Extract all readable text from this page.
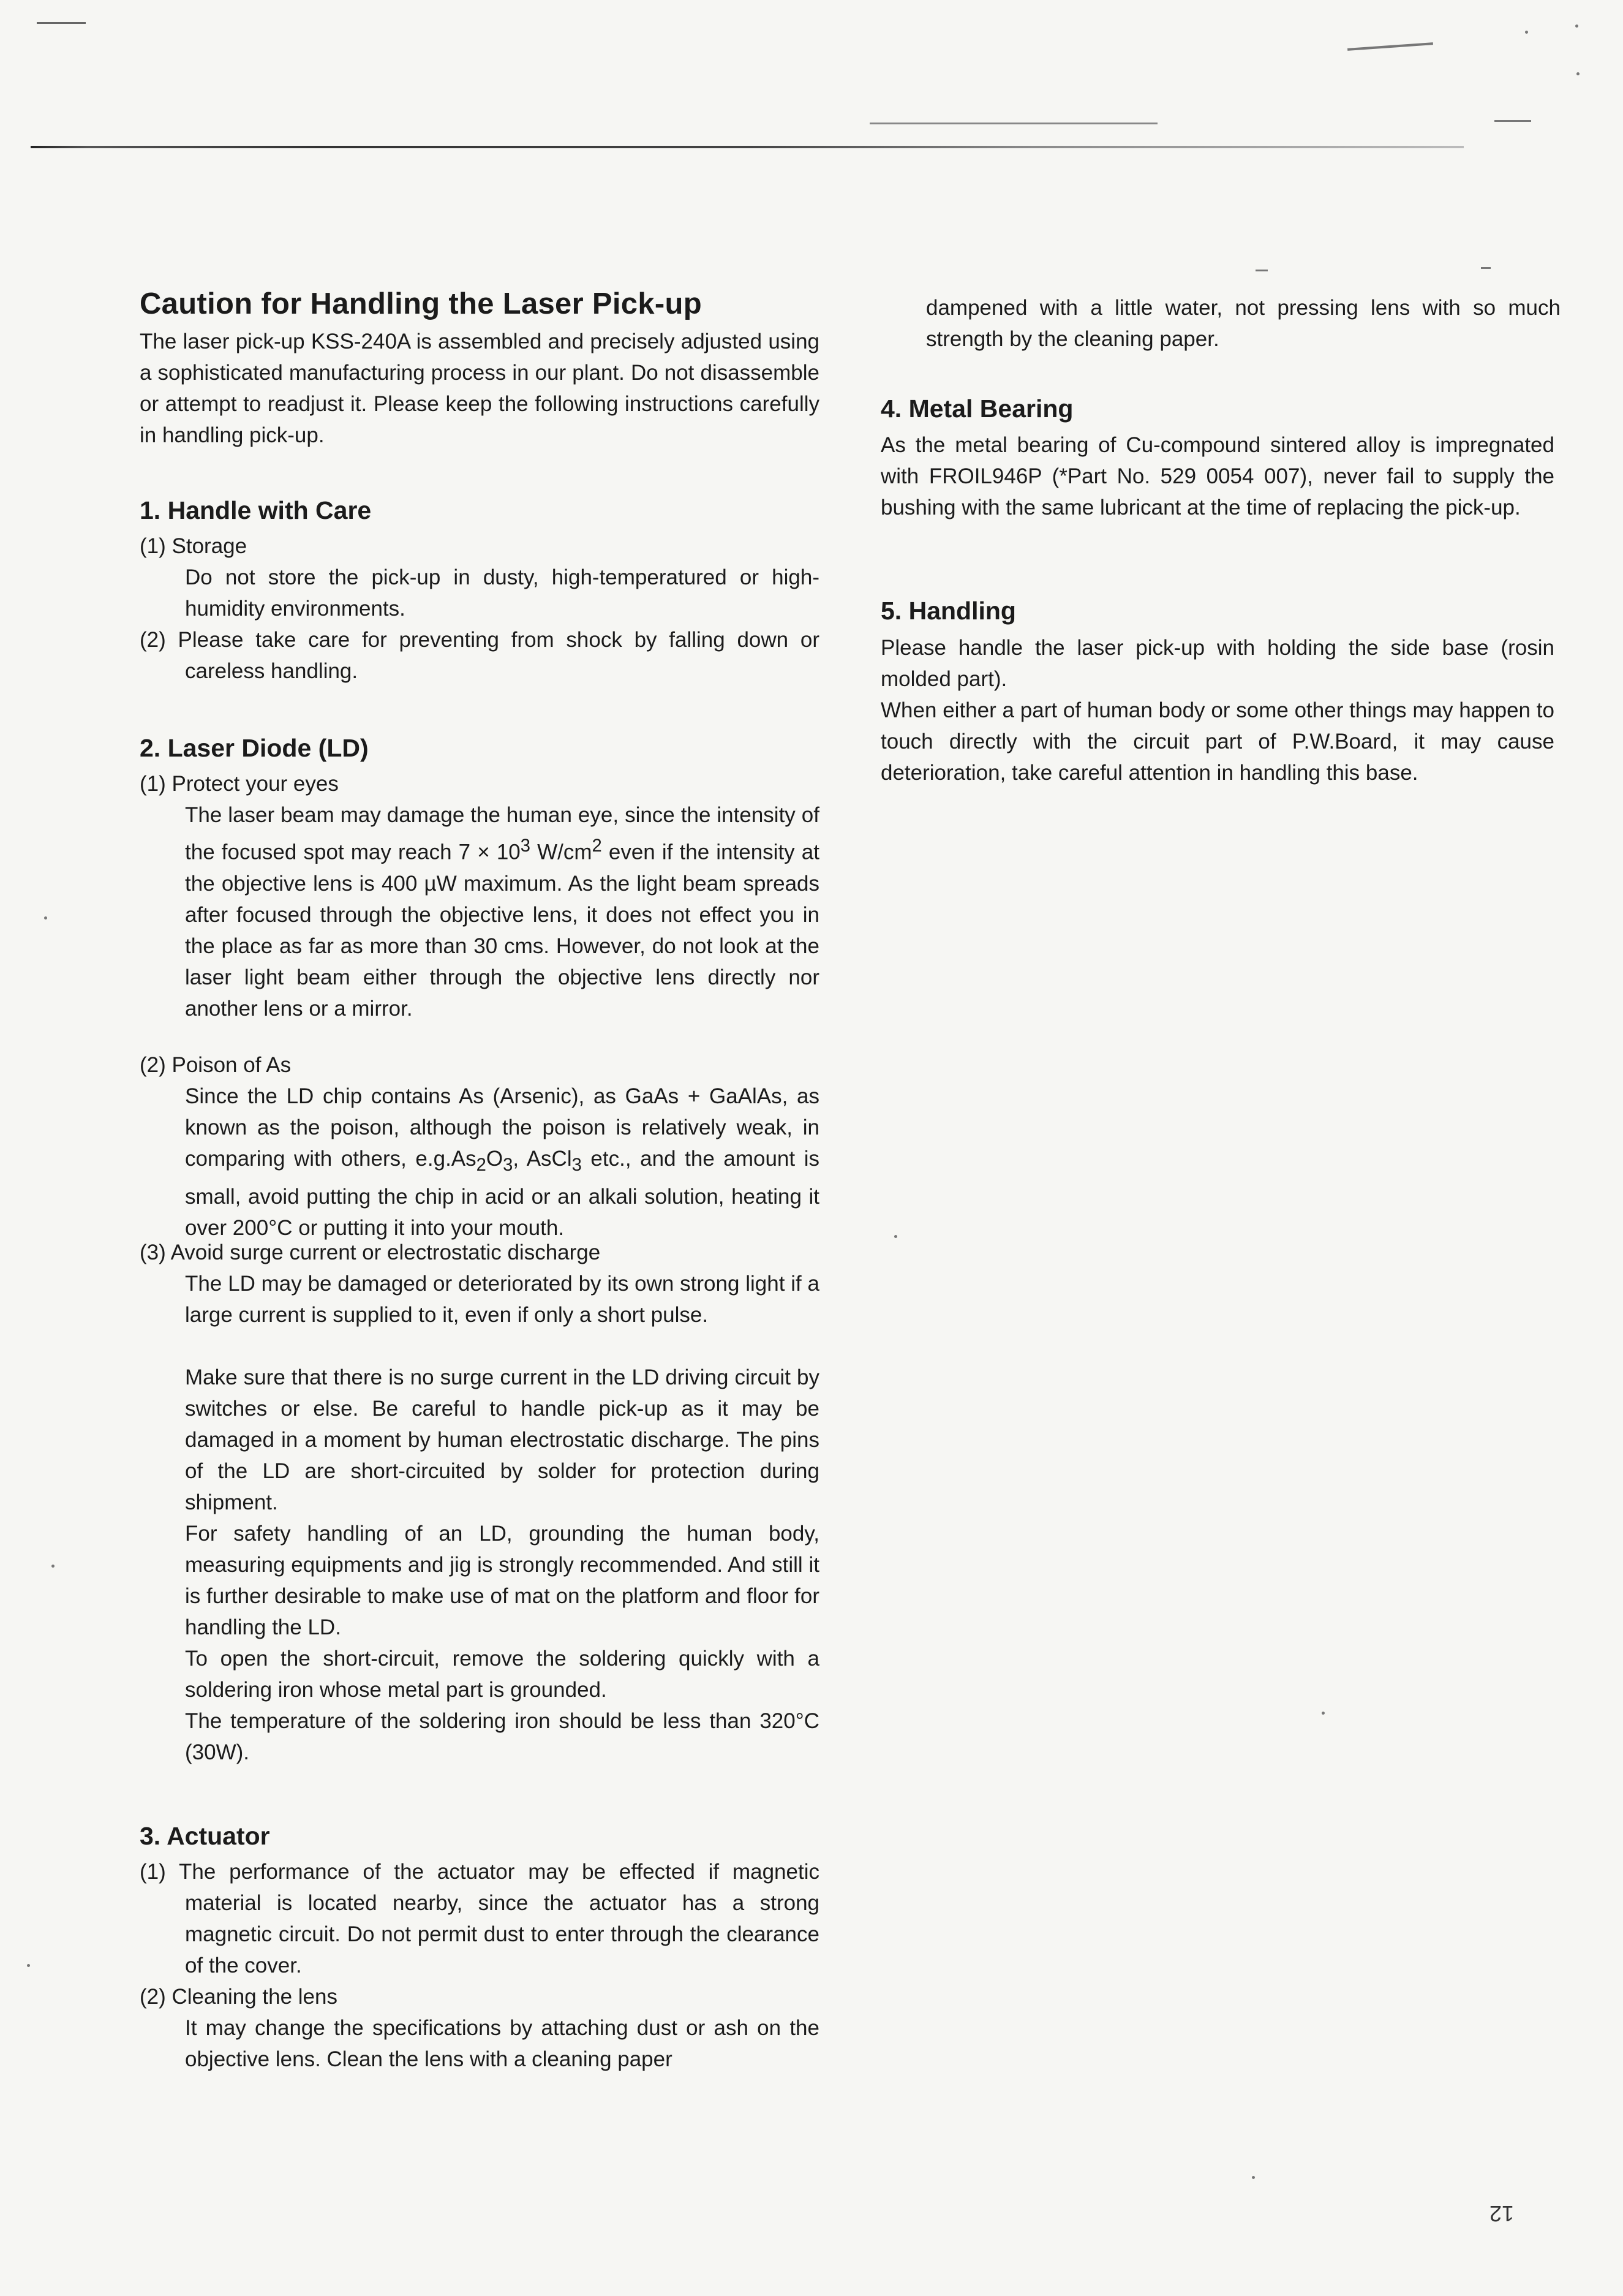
Caution for Handling the Laser Pick-up

The laser pick-up KSS-240A is assembled and precisely adjusted using a sophisticated manufacturing process in our plant. Do not disassemble or attempt to readjust it. Please keep the following instructions carefully in handling pick-up.

1. Handle with Care

(1) Storage

Do not store the pick-up in dusty, high-temperatured or high-humidity environments.

(2) Please take care for preventing from shock by falling down or careless handling.

2. Laser Diode (LD)

(1) Protect your eyes

The laser beam may damage the human eye, since the intensity of the focused spot may reach $7 \times 10^3$ $W/cm^2$ even if the intensity at the objective lens is 400 µW maximum. As the light beam spreads after focused through the objective lens, it does not effect you in the place as far as more than 30 cms. However, do not look at the laser light beam either through the objective lens directly nor another lens or a mirror.

(2) Poison of As

Since the LD chip contains As (Arsenic), as GaAs + GaAlAs, as known as the poison, although the poison is relatively weak, in comparing with others, $e.g.As_2O_3$, AsCl$_3$ etc., and the amount is small, avoid putting the chip in acid or an alkali solution, heating it over 200°C or putting it into your mouth.

(3) Avoid surge current or electrostatic discharge

The LD may be damaged or deteriorated by its own strong light if a large current is supplied to it, even if only a short pulse.

Make sure that there is no surge current in the LD driving circuit by switches or else. Be careful to handle pick-up as it may be damaged in a moment by human electrostatic discharge. The pins of the LD are short-circuited by solder for protection during shipment.

For safety handling of an LD, grounding the human body, measuring equipments and jig is strongly recommended. And still it is further desirable to make use of mat on the platform and floor for handling the LD.

To open the short-circuit, remove the soldering quickly with a soldering iron whose metal part is grounded.

The temperature of the soldering iron should be less than 320°C (30W).

3. Actuator

(1) The performance of the actuator may be effected if magnetic material is located nearby, since the actuator has a strong magnetic circuit. Do not permit dust to enter through the clearance of the cover.

(2) Cleaning the lens

It may change the specifications by attaching dust or ash on the objective lens. Clean the lens with a cleaning paper

dampened with a little water, not pressing lens with so much strength by the cleaning paper.

4. Metal Bearing

As the metal bearing of Cu-compound sintered alloy is impregnated with FROIL946P (*Part No. 529 0054 007), never fail to supply the bushing with the same lubricant at the time of replacing the pick-up.

5. Handling

Please handle the laser pick-up with holding the side base (rosin molded part).

When either a part of human body or some other things may happen to touch directly with the circuit part of P.W.Board, it may cause deterioration, take careful attention in handling this base.

12
